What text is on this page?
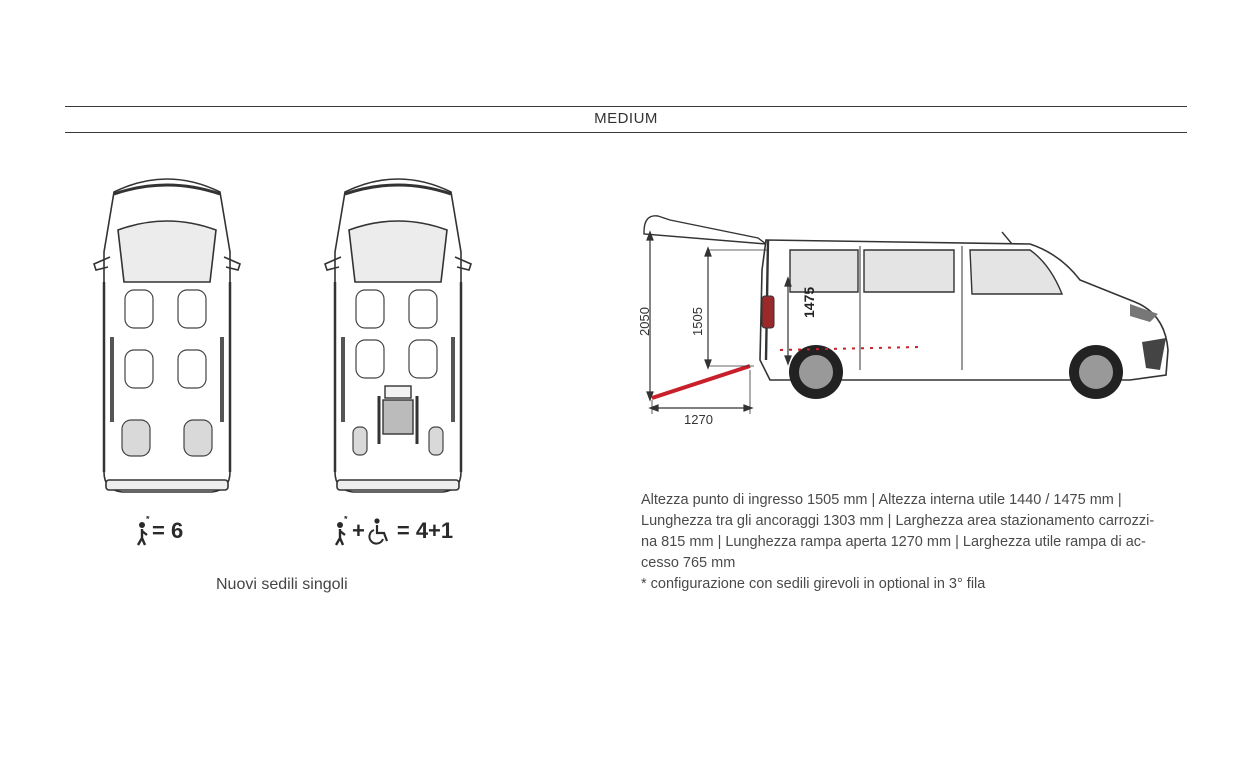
MEDIUM
* = 6	* + = 4+1
Nuovi sedili singoli
2050	1505
1475
1270

Altezza punto di ingresso 1505 mm | Altezza interna utile 1440 / 1475 mm |

Lunghezza tra gli ancoraggi 1303 mm | Larghezza area stazionamento carrozzi-

na 815 mm | Lunghezza rampa aperta 1270 mm | Larghezza utile rampa di ac-

cesso 765 mm

* configurazione con sedili girevoli in optional in 3° fila
